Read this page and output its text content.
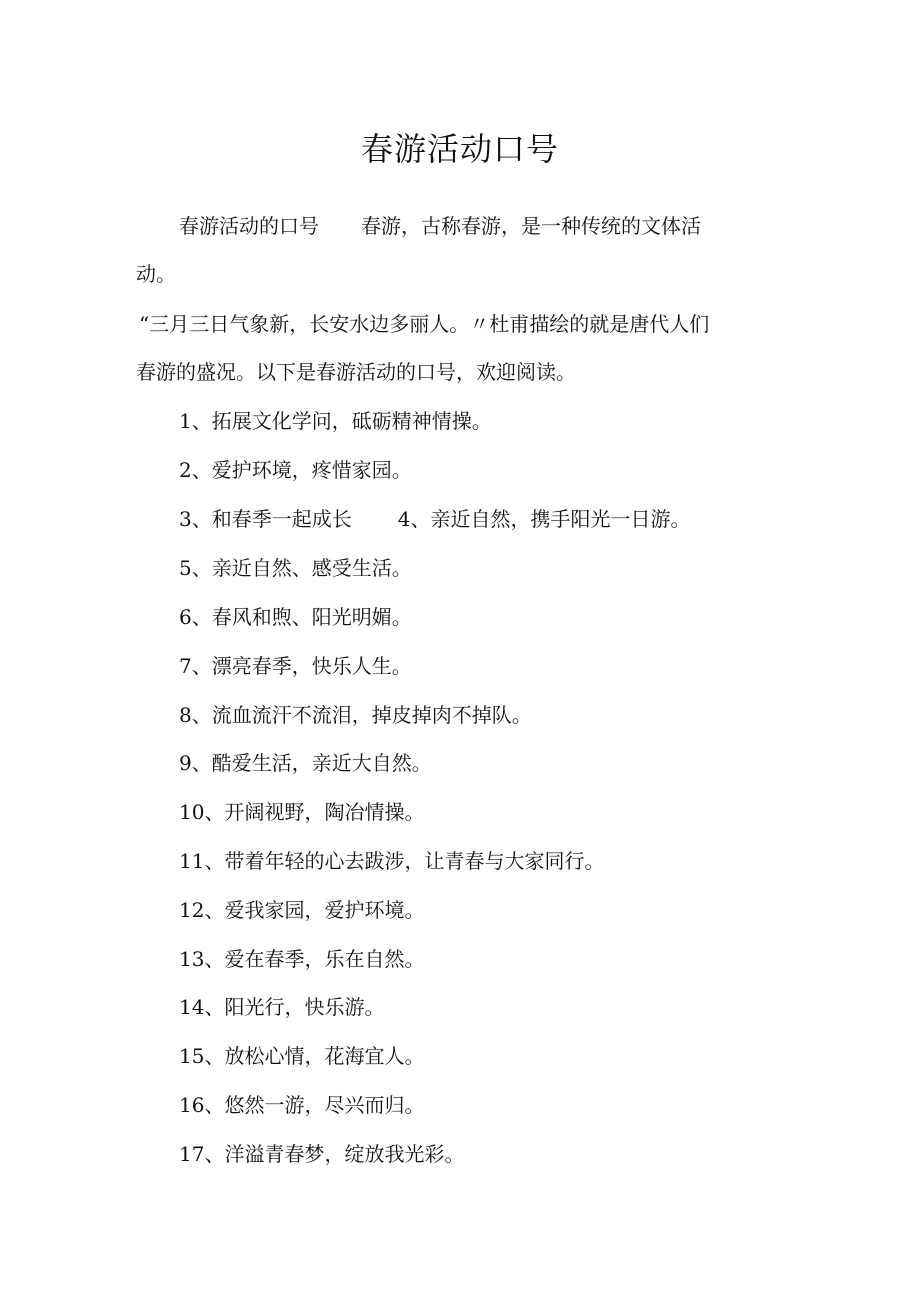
春游活动口号
春游活动的口号 春游，古称春游，是一种传统的文体活
动。
“三月三日气象新，长安水边多丽人。〃杜甫描绘的就是唐代人们
春游的盛况。以下是春游活动的口号，欢迎阅读。
1、拓展文化学问，砥砺精神情操。
2、爱护环境，疼惜家园。
3、和春季一起成长 4、亲近自然，携手阳光一日游。
5、亲近自然、感受生活。
6、春风和煦、阳光明媚。
7、漂亮春季，快乐人生。
8、流血流汗不流泪，掉皮掉肉不掉队。
9、酷爱生活，亲近大自然。
10、开阔视野，陶冶情操。
11、带着年轻的心去跋涉，让青春与大家同行。
12、爱我家园，爱护环境。
13、爱在春季，乐在自然。
14、阳光行，快乐游。
15、放松心情，花海宜人。
16、悠然一游，尽兴而归。
17、洋溢青春梦，绽放我光彩。
